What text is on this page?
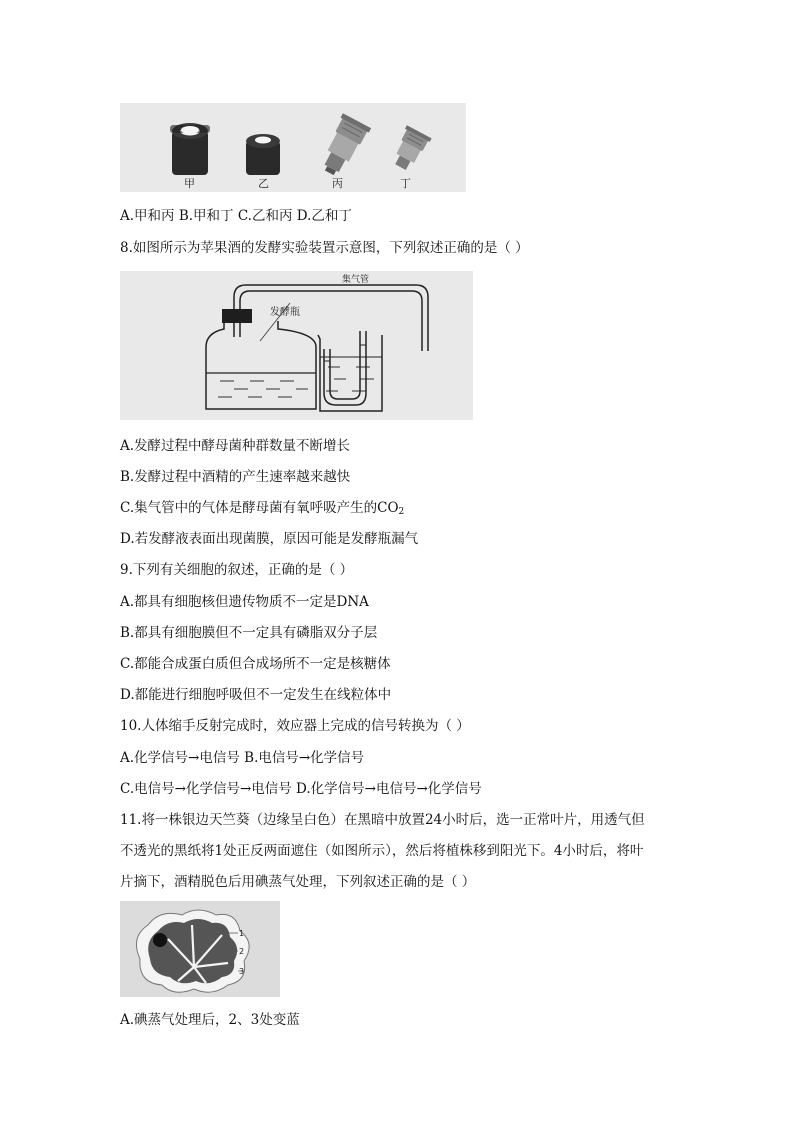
甲	乙	丙	丁
A.甲和丙 B.甲和丁 C.乙和丙 D.乙和丁
8.如图所示为苹果酒的发酵实验装置示意图，下列叙述正确的是（ ）
发酵瓶
集气管
A.发酵过程中酵母菌种群数量不断增长
B.发酵过程中酒精的产生速率越来越快
C.集气管中的气体是酵母菌有氧呼吸产生的$CO_2$
D.若发酵液表面出现菌膜，原因可能是发酵瓶漏气
9.下列有关细胞的叙述，正确的是（ ）
A.都具有细胞核但遗传物质不一定是DNA
B.都具有细胞膜但不一定具有磷脂双分子层
C.都能合成蛋白质但合成场所不一定是核糖体
D.都能进行细胞呼吸但不一定发生在线粒体中
10.人体缩手反射完成时，效应器上完成的信号转换为（ ）
A.化学信号→电信号 B.电信号→化学信号
C.电信号→化学信号→电信号 D.化学信号→电信号→化学信号
11.将一株银边天竺葵（边缘呈白色）在黑暗中放置24小时后，选一正常叶片，用透气但
不透光的黑纸将1处正反两面遮住（如图所示），然后将植株移到阳光下。4小时后，将叶
片摘下，酒精脱色后用碘蒸气处理，下列叙述正确的是（ ）
1
2
3
A.碘蒸气处理后，2、3处变蓝
